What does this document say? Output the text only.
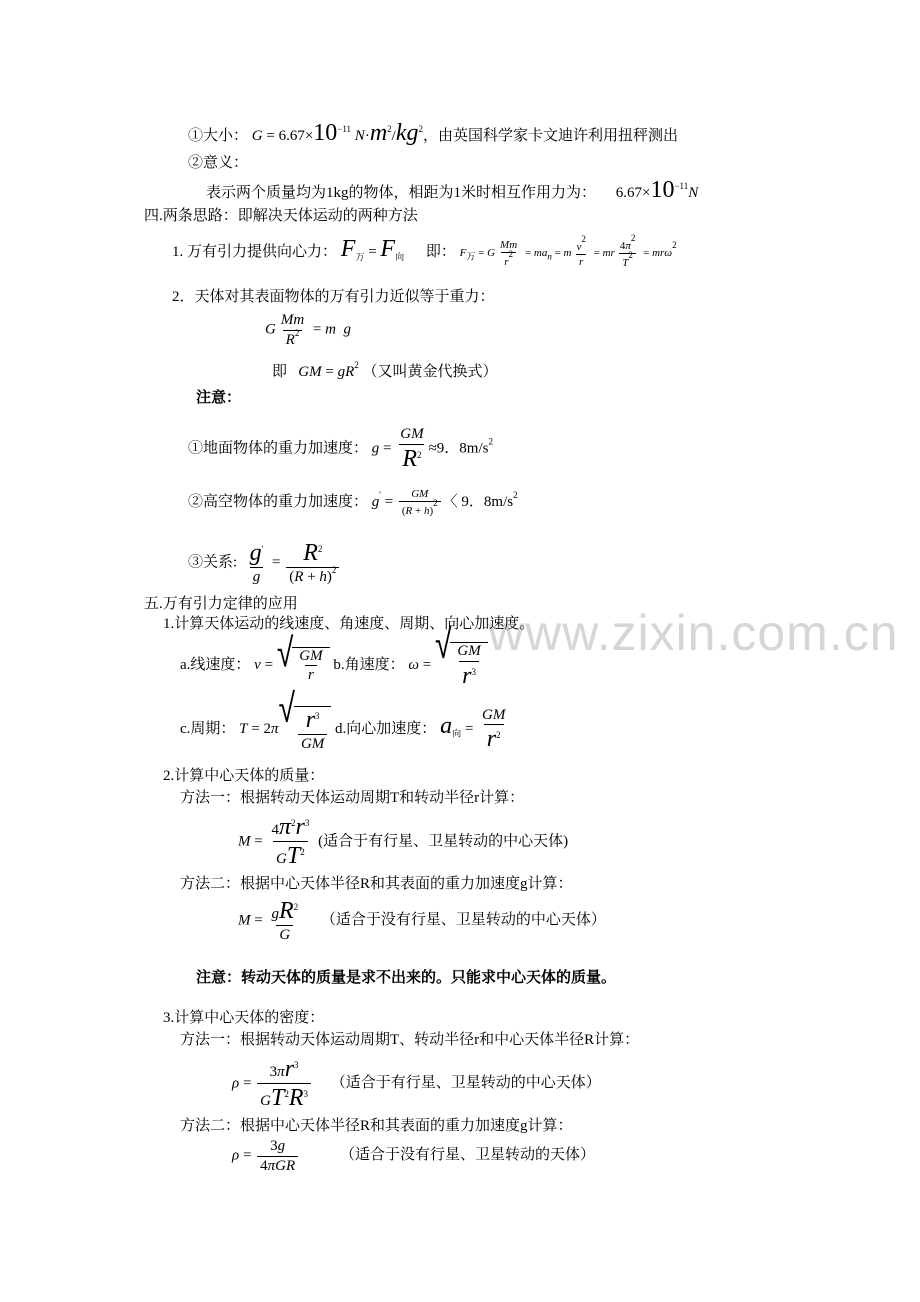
www.zixin.com.cn
①大小： $G = 6.67\times 10^{-11}$ $N\cdot m^2/kg^2$，由英国科学家卡文迪许利用扭秤测出
②意义：
表示两个质量均为1kg的物体，相距为1米时相互作用力为： $6.67\times 10^{-11}N$
四.两条思路：即解决天体运动的两种方法
1. 万有引力提供向心力： $F_万 = F_向$ 即： $F_万 = G \frac{Mm}{r^2} = ma_n = m \frac{v^2}{r}$ = mr $\frac{4\pi^2}{T^2} = mr\omega^2$
2．天体对其表面物体的万有引力近似等于重力：
G $\frac{Mm}{R^2} = m$ g
即 GM = $gR^2$ （又叫黄金代换式）
注意：
①地面物体的重力加速度： $g = \frac{GM}{R^2} \approx 9$．$8m/s^2$
②高空物体的重力加速度： $g' = \frac{GM}{(R + h)^2}$ 〈 9．$8m/s^2$
③关系: $\frac{g'}{g} = \frac{R^2}{(R + h)^2}$
五.万有引力定律的应用
1.计算天体运动的线速度、角速度、周期、向心加速度。
a.线速度： v = √ $\frac{GM}{r} b$.角速度： ω = √ $\frac{GM}{r^3}$
c.周期： T = 2π √ $\frac{r^3}{GM} d$.向心加速度： $a_向 = \frac{GM}{r^2}$
2.计算中心天体的质量：
方法一：根据转动天体运动周期T和转动半径r计算：
$M = \frac{4\pi^2r^3}{GT^2}$ (适合于有行星、卫星转动的中心天体)
方法二：根据中心天体半径R和其表面的重力加速度g计算：
$M = \frac{gR^2}{G}$ （适合于没有行星、卫星转动的中心天体）
注意：转动天体的质量是求不出来的。只能求中心天体的质量。
3.计算中心天体的密度：
方法一：根据转动天体运动周期T、转动半径r和中心天体半径R计算：
$\rho = \frac{3\pi r^3}{GT^2R^3}$ （适合于有行星、卫星转动的中心天体）
方法二：根据中心天体半径R和其表面的重力加速度g计算：
$\rho = \frac{3g}{\text{4πGR}}$	（适合于没有行星、卫星转动的天体）
